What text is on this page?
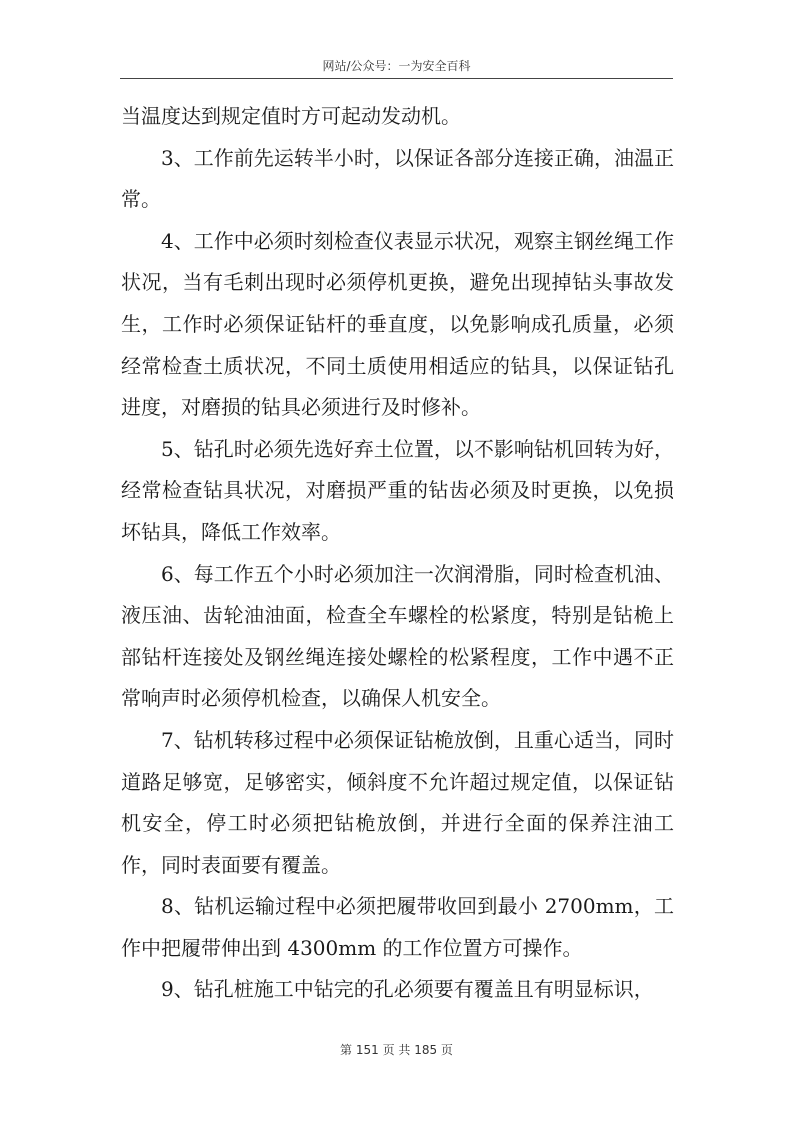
网站/公众号：一为安全百科

当温度达到规定值时方可起动发动机。

3、工作前先运转半小时，以保证各部分连接正确，油温正常。

4、工作中必须时刻检查仪表显示状况，观察主钢丝绳工作状况，当有毛刺出现时必须停机更换，避免出现掉钻头事故发生，工作时必须保证钻杆的垂直度，以免影响成孔质量，必须经常检查土质状况，不同土质使用相适应的钻具，以保证钻孔进度，对磨损的钻具必须进行及时修补。

5、钻孔时必须先选好弃土位置，以不影响钻机回转为好，经常检查钻具状况，对磨损严重的钻齿必须及时更换，以免损坏钻具，降低工作效率。

6、每工作五个小时必须加注一次润滑脂，同时检查机油、液压油、齿轮油油面，检查全车螺栓的松紧度，特别是钻桅上部钻杆连接处及钢丝绳连接处螺栓的松紧程度，工作中遇不正常响声时必须停机检查，以确保人机安全。

7、钻机转移过程中必须保证钻桅放倒，且重心适当，同时道路足够宽，足够密实，倾斜度不允许超过规定值，以保证钻机安全，停工时必须把钻桅放倒，并进行全面的保养注油工作，同时表面要有覆盖。

8、钻机运输过程中必须把履带收回到最小 2700mm，工作中把履带伸出到 4300mm 的工作位置方可操作。

9、钻孔桩施工中钻完的孔必须要有覆盖且有明显标识，

第 151 页 共 185 页
